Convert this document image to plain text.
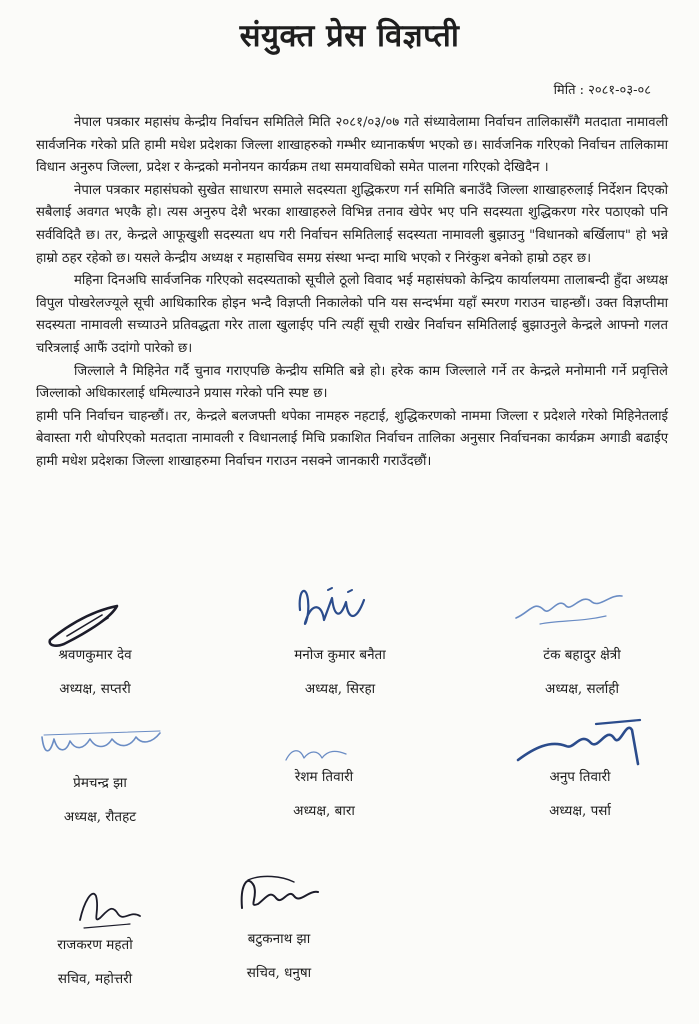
संयुक्त प्रेस विज्ञप्ती
मिति : २०८१-०३-०८

नेपाल पत्रकार महासंघ केन्द्रीय निर्वाचन समितिले मिति २०८१/०३/०७ गते संध्यावेलामा निर्वाचन तालिकासँगै मतदाता नामावली सार्वजनिक गरेको प्रति हामी मधेश प्रदेशका जिल्ला शाखाहरुको गम्भीर ध्यानाकर्षण भएको छ। सार्वजनिक गरिएको निर्वाचन तालिकामा विधान अनुरुप जिल्ला, प्रदेश र केन्द्रको मनोनयन कार्यक्रम तथा समयावधिको समेत पालना गरिएको देखिदैन ।

नेपाल पत्रकार महासंघको सुखेत साधारण समाले सदस्यता शुद्धिकरण गर्न समिति बनाउँदै जिल्ला शाखाहरुलाई निर्देशन दिएको सबैलाई अवगत भएकै हो। त्यस अनुरुप देशै भरका शाखाहरुले विभिन्न तनाव खेपेर भए पनि सदस्यता शुद्धिकरण गरेर पठाएको पनि सर्वविदितै छ। तर, केन्द्रले आफूखुशी सदस्यता थप गरी निर्वाचन समितिलाई सदस्यता नामावली बुझाउनु "विधानको बर्खिलाप" हो भन्ने हाम्रो ठहर रहेको छ। यसले केन्द्रीय अध्यक्ष र महासचिव समग्र संस्था भन्दा माथि भएको र निरंकुश बनेको हाम्रो ठहर छ।

महिना दिनअघि सार्वजनिक गरिएको सदस्यताको सूचीले ठूलो विवाद भई महासंघको केन्द्रिय कार्यालयमा तालाबन्दी हुँदा अध्यक्ष विपुल पोखरेलज्यूले सूची आधिकारिक होइन भन्दै विज्ञप्ती निकालेको पनि यस सन्दर्भमा यहाँ स्मरण गराउन चाहन्छौं। उक्त विज्ञप्तीमा सदस्यता नामावली सच्याउने प्रतिवद्धता गरेर ताला खुलाईए पनि त्यहीं सूची राखेर निर्वाचन समितिलाई बुझाउनुले केन्द्रले आफ्नो गलत चरित्रलाई आफैं उदांगो पारेको छ।

जिल्लाले नै मिहिनेत गर्दै चुनाव गराएपछि केन्द्रीय समिति बन्ने हो। हरेक काम जिल्लाले गर्ने तर केन्द्रले मनोमानी गर्ने प्रवृत्तिले जिल्लाको अधिकारलाई धमिल्याउने प्रयास गरेको पनि स्पष्ट छ।

हामी पनि निर्वाचन चाहन्छौं। तर, केन्द्रले बलजफ्ती थपेका नामहरु नहटाई, शुद्धिकरणको नाममा जिल्ला र प्रदेशले गरेको मिहिनेतलाई बेवास्ता गरी थोपरिएको मतदाता नामावली र विधानलाई मिचि प्रकाशित निर्वाचन तालिका अनुसार निर्वाचनका कार्यक्रम अगाडी बढाईए हामी मधेश प्रदेशका जिल्ला शाखाहरुमा निर्वाचन गराउन नसक्ने जानकारी गराउँदछौं।

श्रवणकुमार देव
अध्यक्ष, सप्तरी
मनोज कुमार बनैता
अध्यक्ष, सिरहा
टंक बहादुर क्षेत्री
अध्यक्ष, सर्लाही
प्रेमचन्द्र झा
अध्यक्ष, रौतहट
रेशम तिवारी
अध्यक्ष, बारा
अनुप तिवारी
अध्यक्ष, पर्सा
राजकरण महतो
सचिव, महोत्तरी
बटुकनाथ झा
सचिव, धनुषा
